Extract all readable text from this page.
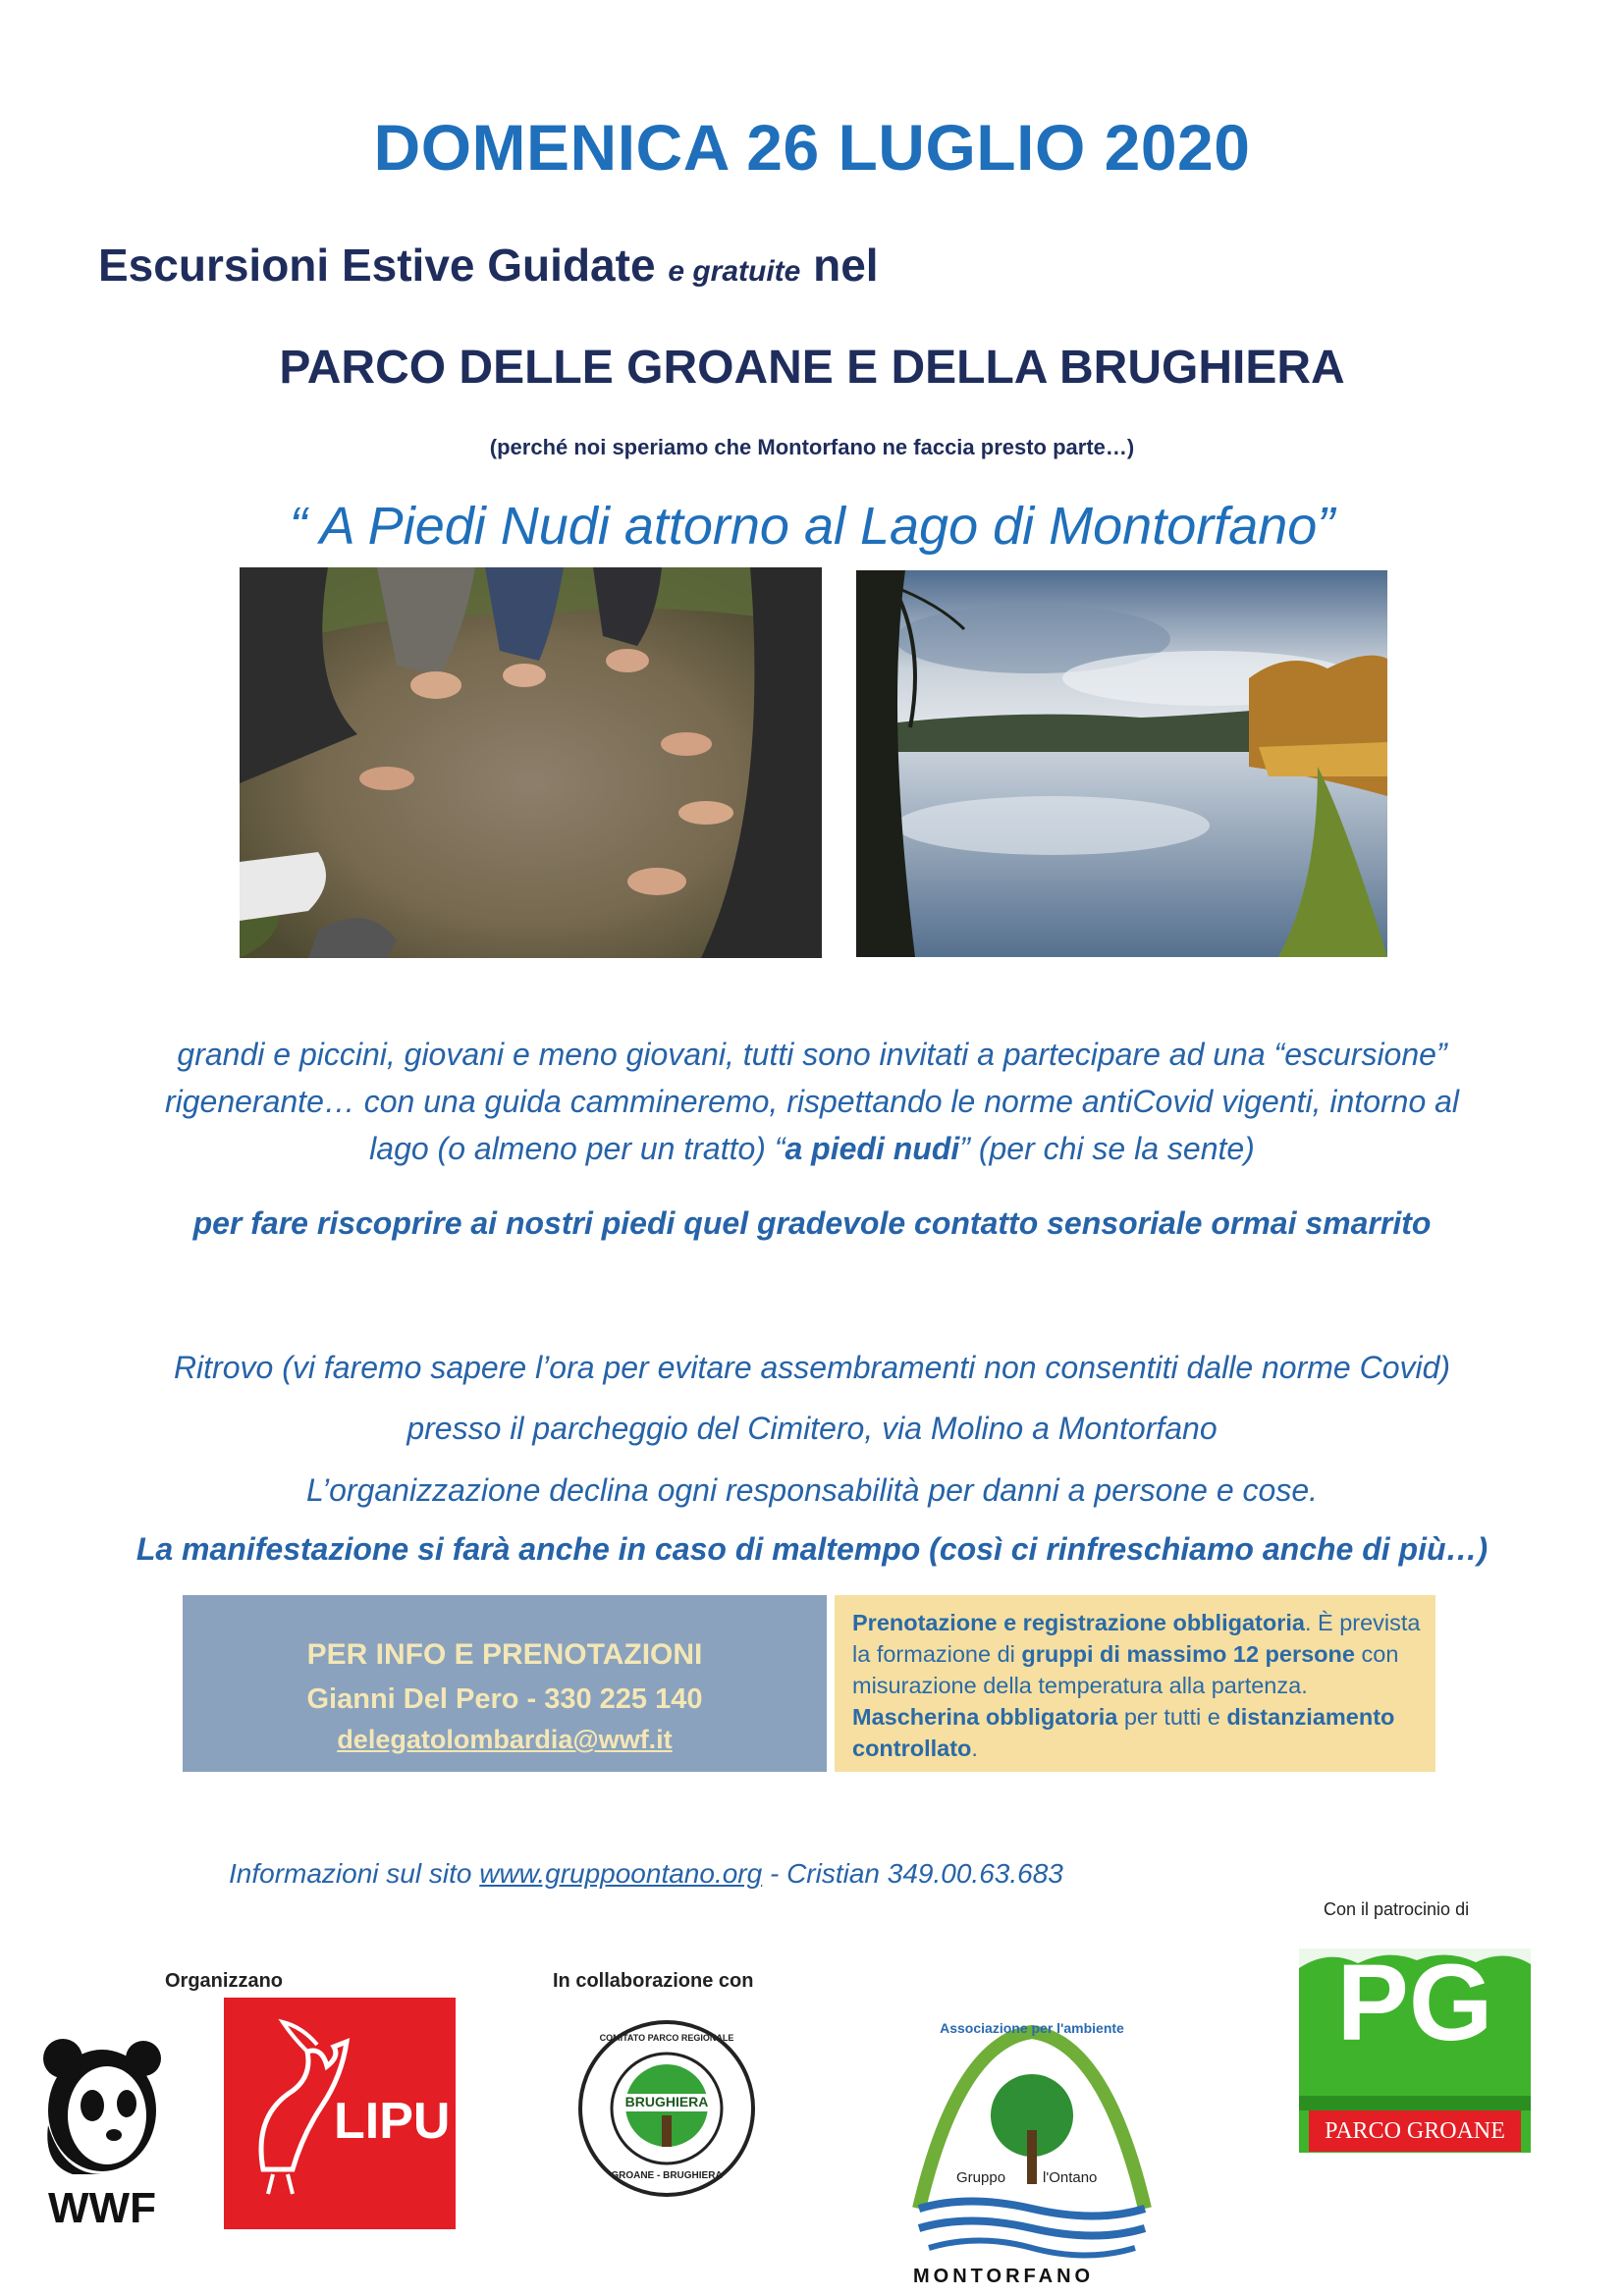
DOMENICA 26 LUGLIO 2020
Escursioni Estive Guidate e gratuite nel
PARCO DELLE GROANE E DELLA BRUGHIERA
(perché noi speriamo che Montorfano ne faccia presto parte…)
“ A Piedi Nudi attorno al Lago di Montorfano”
grandi e piccini, giovani e meno giovani, tutti sono invitati a partecipare ad una “escursione”
rigenerante… con una guida cammineremo, rispettando le norme antiCovid vigenti, intorno al
lago (o almeno per un tratto) “a piedi nudi” (per chi se la sente)
per fare riscoprire ai nostri piedi quel gradevole contatto sensoriale ormai smarrito
Ritrovo (vi faremo sapere l’ora per evitare assembramenti non consentiti dalle norme Covid)
presso il parcheggio del Cimitero, via Molino a Montorfano
L’organizzazione declina ogni responsabilità per danni a persone e cose.
La manifestazione si farà anche in caso di maltempo (così ci rinfreschiamo anche di più…)
PER INFO E PRENOTAZIONI
Gianni Del Pero - 330 225 140
delegatolombardia@wwf.it

Prenotazione e registrazione obbligatoria. È prevista la formazione di gruppi di massimo 12 persone con misurazione della temperatura alla partenza. Mascherina obbligatoria per tutti e distanziamento controllato.

Informazioni sul sito www.gruppoontano.org - Cristian 349.00.63.683
Organizzano	In collaborazione con
Con il patrocinio di
WWF
LIPU	BRUGHIERA
COMITATO PARCO REGIONALE
GROANE - BRUGHIERA
Associazione per l'ambiente
Gruppo	l'Ontano
MONTORFANO
PG
PARCO GROANE
